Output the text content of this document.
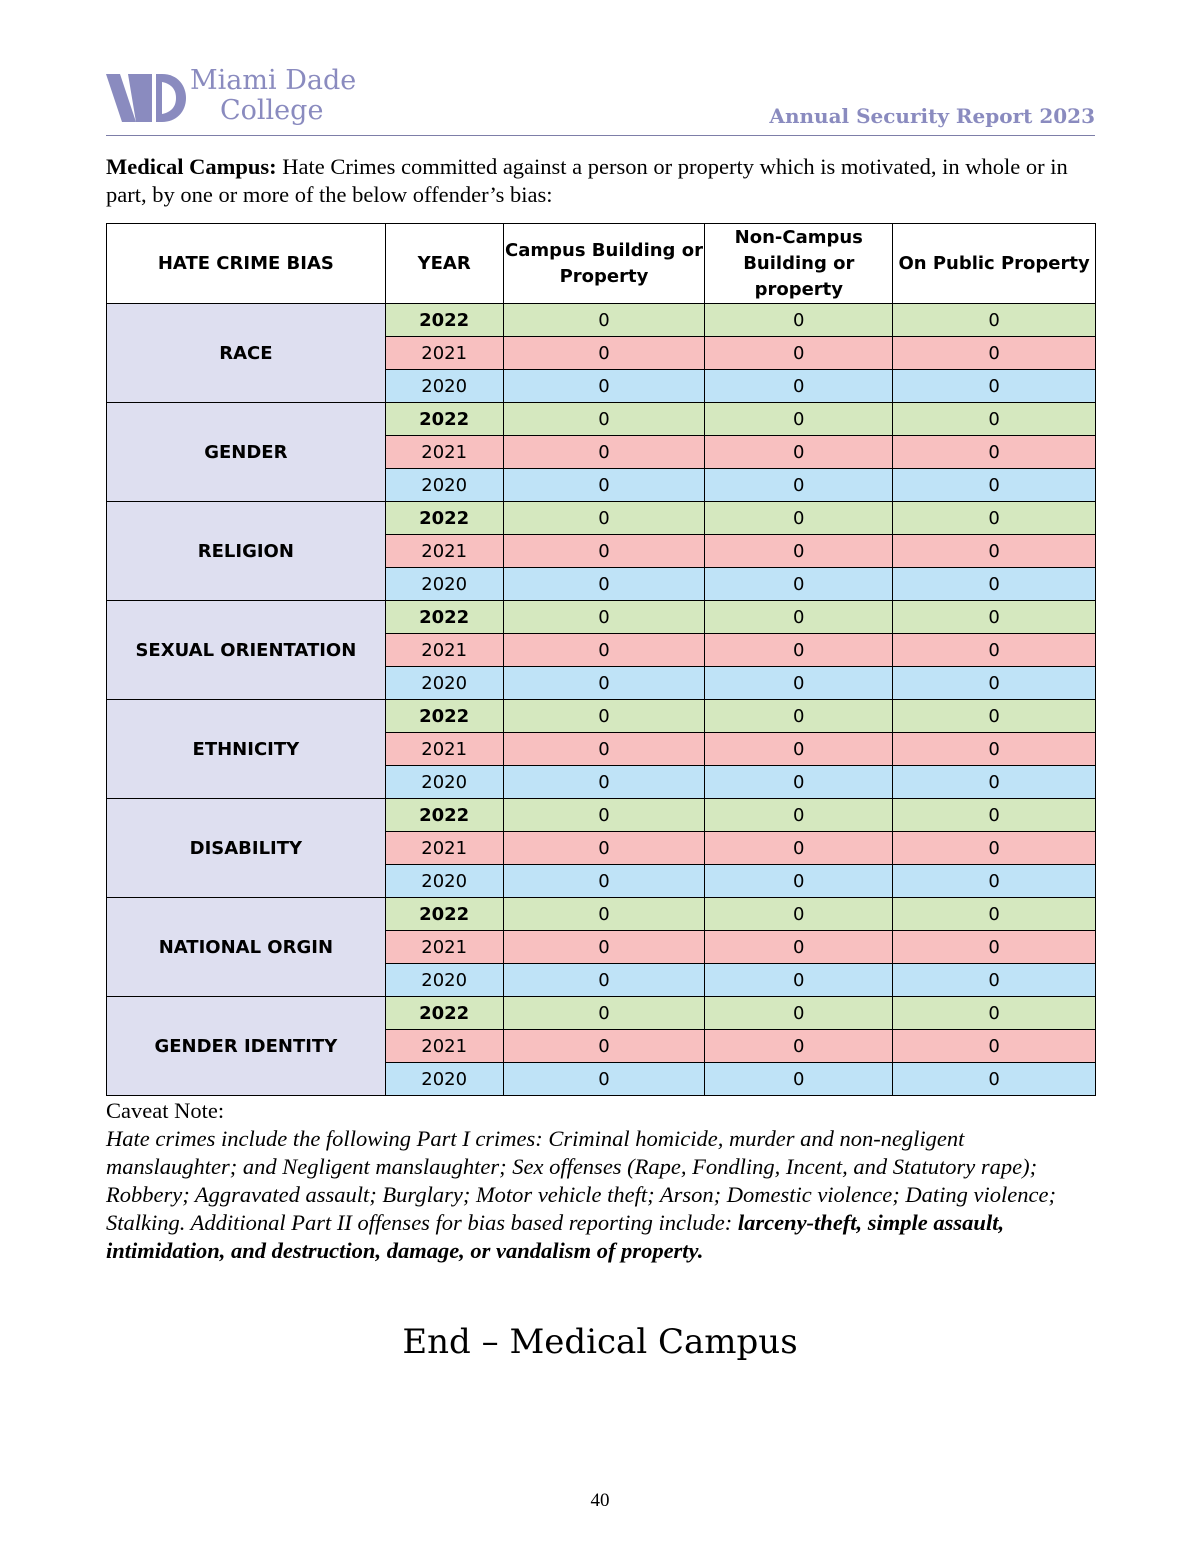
Miami Dade
College	Annual Security Report 2023
Medical Campus: Hate Crimes committed against a person or property which is motivated, in whole or in part, by one or more of the below offender’s bias:
HATE CRIME BIAS	YEAR	Campus Building or Property	Non-Campus Building or property	On Public Property
RACE	2022	0	0	0
	2021	0	0	0
	2020	0	0	0
GENDER	2022	0	0	0
	2021	0	0	0
	2020	0	0	0
RELIGION	2022	0	0	0
	2021	0	0	0
	2020	0	0	0
SEXUAL ORIENTATION	2022	0	0	0
	2021	0	0	0
	2020	0	0	0
ETHNICITY	2022	0	0	0
	2021	0	0	0
	2020	0	0	0
DISABILITY	2022	0	0	0
	2021	0	0	0
	2020	0	0	0
NATIONAL ORGIN	2022	0	0	0
	2021	0	0	0
	2020	0	0	0
GENDER IDENTITY	2022	0	0	0
	2021	0	0	0
	2020	0	0	0
Caveat Note:
Hate crimes include the following Part I crimes: Criminal homicide, murder and non-negligent manslaughter; and Negligent manslaughter; Sex offenses (Rape, Fondling, Incent, and Statutory rape); Robbery; Aggravated assault; Burglary; Motor vehicle theft; Arson; Domestic violence; Dating violence; Stalking. Additional Part II offenses for bias based reporting include: larceny-theft, simple assault, intimidation, and destruction, damage, or vandalism of property.
End – Medical Campus
40
